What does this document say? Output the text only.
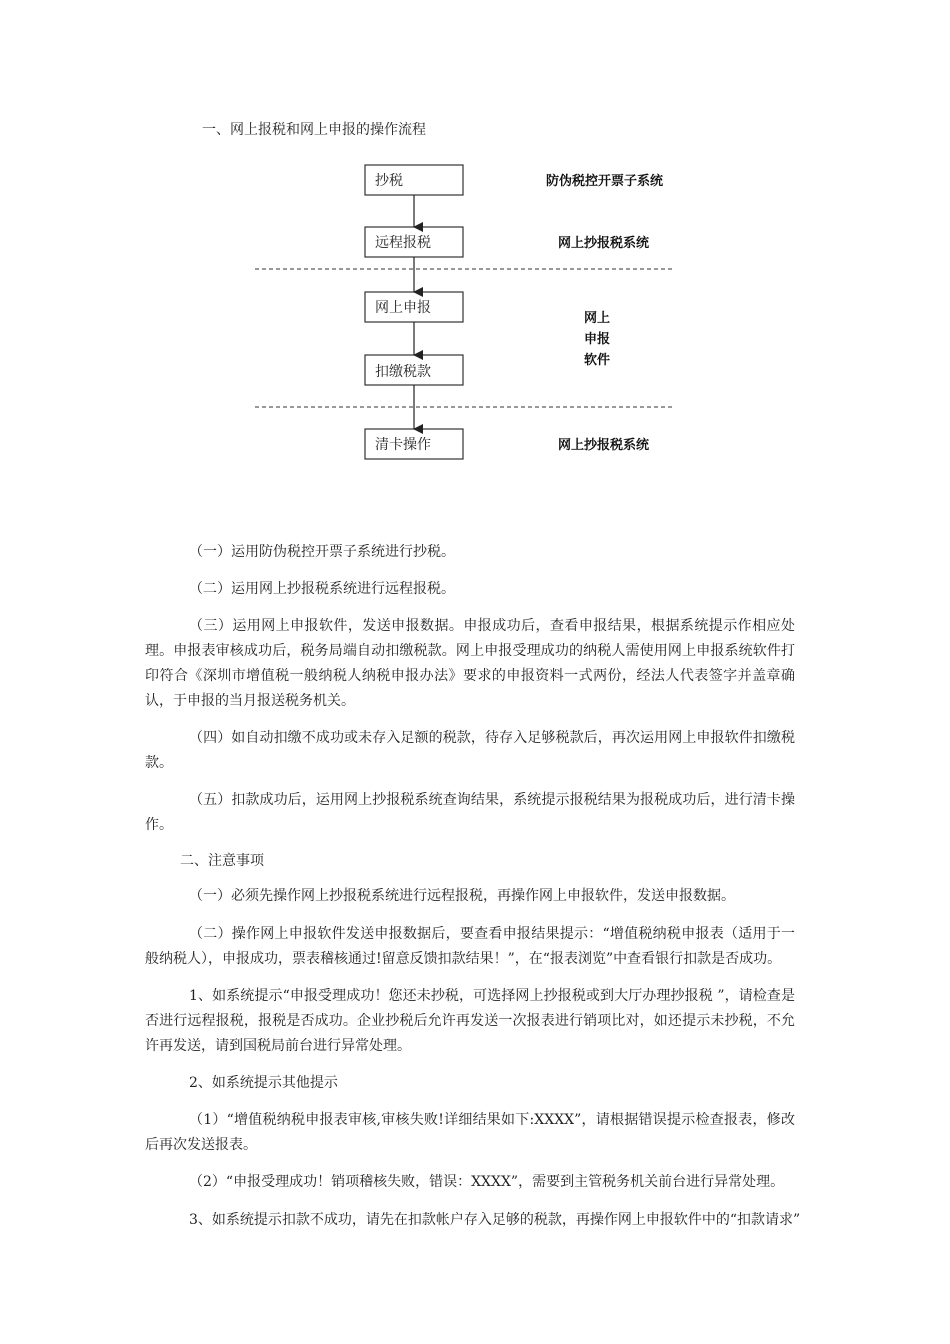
一、网上报税和网上申报的操作流程
抄税
远程报税
网上申报
扣缴税款
清卡操作
防伪税控开票子系统
网上抄报税系统
网上
申报
软件
网上抄报税系统
（一）运用防伪税控开票子系统进行抄税。
（二）运用网上抄报税系统进行远程报税。
（三）运用网上申报软件，发送申报数据。申报成功后，查看申报结果，根据系统提示作相应处理。申报表审核成功后，税务局端自动扣缴税款。网上申报受理成功的纳税人需使用网上申报系统软件打印符合《深圳市增值税一般纳税人纳税申报办法》要求的申报资料一式两份，经法人代表签字并盖章确认，于申报的当月报送税务机关。
（四）如自动扣缴不成功或未存入足额的税款，待存入足够税款后，再次运用网上申报软件扣缴税款。
（五）扣款成功后，运用网上抄报税系统查询结果，系统提示报税结果为报税成功后，进行清卡操作。
二、注意事项
（一）必须先操作网上抄报税系统进行远程报税，再操作网上申报软件，发送申报数据。
（二）操作网上申报软件发送申报数据后，要查看申报结果提示：“增值税纳税申报表（适用于一般纳税人），申报成功，票表稽核通过!留意反馈扣款结果！”，在“报表浏览”中查看银行扣款是否成功。
1、如系统提示“申报受理成功！您还未抄税，可选择网上抄报税或到大厅办理抄报税 ”，请检查是否进行远程报税，报税是否成功。企业抄税后允许再发送一次报表进行销项比对，如还提示未抄税，不允许再发送，请到国税局前台进行异常处理。
2、如系统提示其他提示
（1）“增值税纳税申报表审核,审核失败!详细结果如下:XXXX”，请根据错误提示检查报表，修改后再次发送报表。
（2）“申报受理成功！销项稽核失败，错误：XXXX”，需要到主管税务机关前台进行异常处理。
3、如系统提示扣款不成功，请先在扣款帐户存入足够的税款，再操作网上申报软件中的“扣款请求”
